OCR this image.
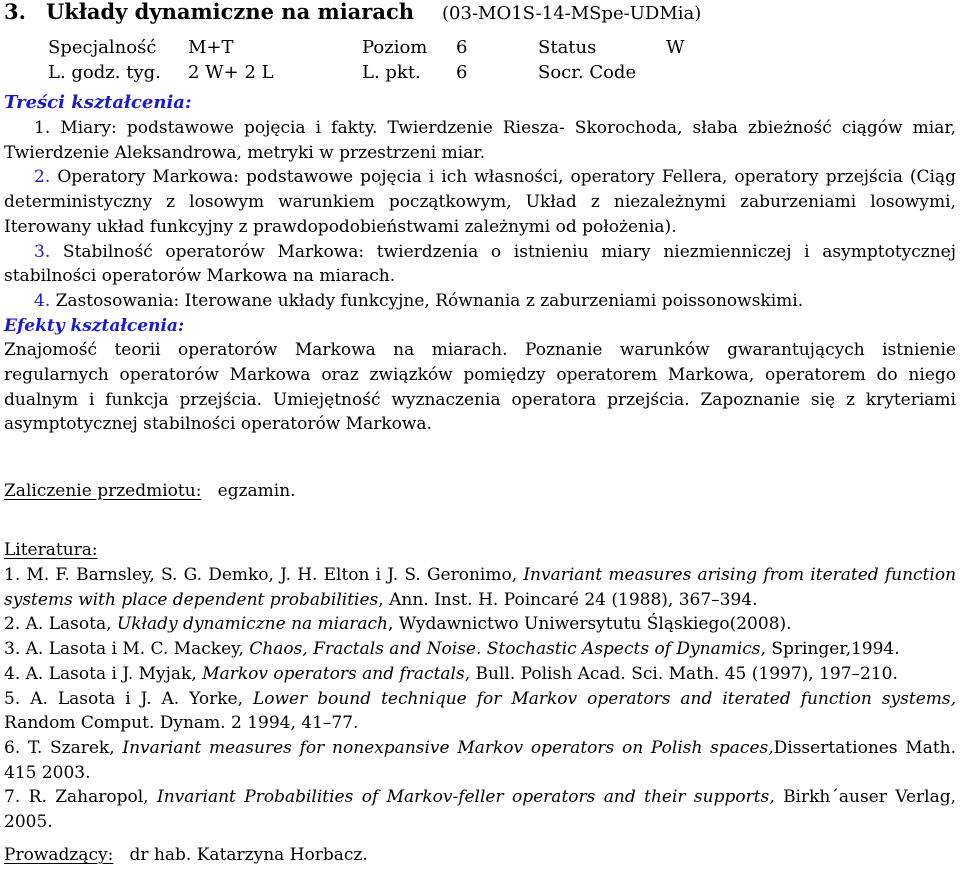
3. Układy dynamiczne na miarach (03-MO1S-14-MSpe-UDMia)
Specjalność M+T	Poziom 6	Status	W
L. godz. tyg. 2 W+ 2 L	L. pkt. 6	Socr. Code
Treści kształcenia:

1. Miary: podstawowe pojęcia i fakty. Twierdzenie Riesza- Skorochoda, słaba zbieżność ciągów miar, Twierdzenie Aleksandrowa, metryki w przestrzeni miar.

2. Operatory Markowa: podstawowe pojęcia i ich własności, operatory Fellera, operatory przejścia (Ciąg deterministyczny z losowym warunkiem początkowym, Układ z niezależnymi zaburzeniami losowymi, Iterowany układ funkcyjny z prawdopodobieństwami zależnymi od położenia).

3. Stabilność operatorów Markowa: twierdzenia o istnieniu miary niezmienniczej i asymptotycznej stabilności operatorów Markowa na miarach.

4. Zastosowania: Iterowane układy funkcyjne, Równania z zaburzeniami poissonowskimi.

Efekty kształcenia:

Znajomość teorii operatorów Markowa na miarach. Poznanie warunków gwarantujących istnienie regularnych operatorów Markowa oraz związków pomiędzy operatorem Markowa, operatorem do niego dualnym i funkcja przejścia. Umiejętność wyznaczenia operatora przejścia. Zapoznanie się z kryteriami asymptotycznej stabilności operatorów Markowa.

Zaliczenie przedmiotu: egzamin.
Literatura:

1. M. F. Barnsley, S. G. Demko, J. H. Elton i J. S. Geronimo, Invariant measures arising from iterated function systems with place dependent probabilities, Ann. Inst. H. Poincaré 24 (1988), 367–394.

2. A. Lasota, Układy dynamiczne na miarach, Wydawnictwo Uniwersytutu Śląskiego(2008).

3. A. Lasota i M. C. Mackey, Chaos, Fractals and Noise. Stochastic Aspects of Dynamics, Springer,1994.

4. A. Lasota i J. Myjak, Markov operators and fractals, Bull. Polish Acad. Sci. Math. 45 (1997), 197–210.

5. A. Lasota i J. A. Yorke, Lower bound technique for Markov operators and iterated function systems, Random Comput. Dynam. 2 1994, 41–77.

6. T. Szarek, Invariant measures for nonexpansive Markov operators on Polish spaces,Dissertationes Math. 415 2003.

7. R. Zaharopol, Invariant Probabilities of Markov-feller operators and their supports, Birkh´auser Verlag, 2005.

Prowadzący: dr hab. Katarzyna Horbacz.
